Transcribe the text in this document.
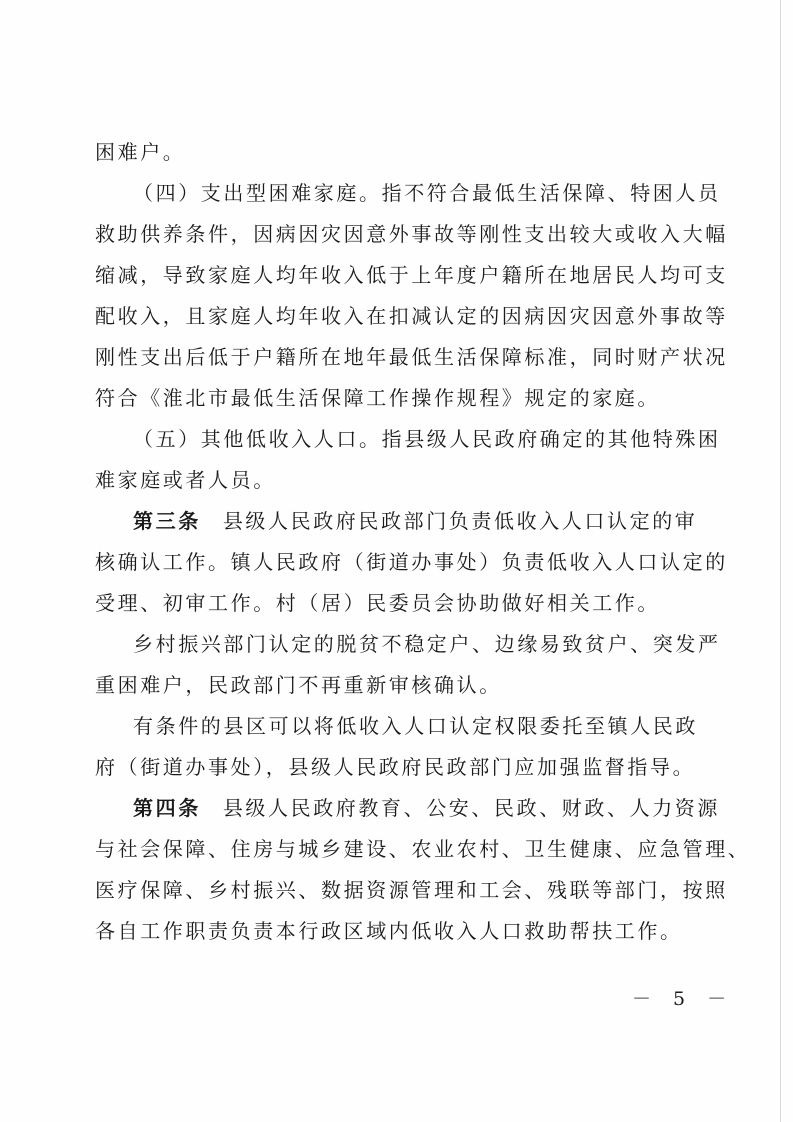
困难户。
（四）支出型困难家庭。指不符合最低生活保障、特困人员
救助供养条件，因病因灾因意外事故等刚性支出较大或收入大幅
缩减，导致家庭人均年收入低于上年度户籍所在地居民人均可支
配收入，且家庭人均年收入在扣减认定的因病因灾因意外事故等
刚性支出后低于户籍所在地年最低生活保障标准，同时财产状况
符合《淮北市最低生活保障工作操作规程》规定的家庭。
（五）其他低收入人口。指县级人民政府确定的其他特殊困
难家庭或者人员。
第三条 县级人民政府民政部门负责低收入人口认定的审
核确认工作。镇人民政府（街道办事处）负责低收入人口认定的
受理、初审工作。村（居）民委员会协助做好相关工作。
乡村振兴部门认定的脱贫不稳定户、边缘易致贫户、突发严
重困难户，民政部门不再重新审核确认。
有条件的县区可以将低收入人口认定权限委托至镇人民政
府（街道办事处），县级人民政府民政部门应加强监督指导。
第四条 县级人民政府教育、公安、民政、财政、人力资源
与社会保障、住房与城乡建设、农业农村、卫生健康、应急管理、
医疗保障、乡村振兴、数据资源管理和工会、残联等部门，按照
各自工作职责负责本行政区域内低收入人口救助帮扶工作。
－ 5 －
